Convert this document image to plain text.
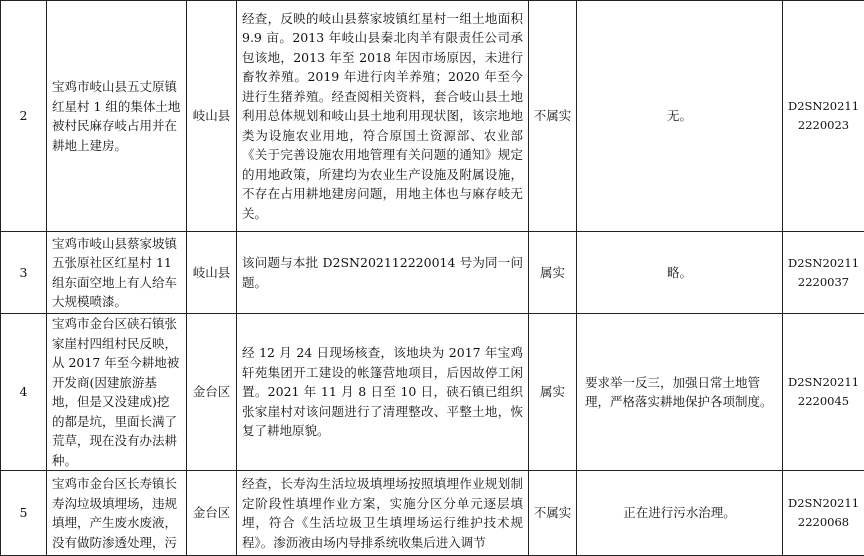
2	宝鸡市岐山县五丈原镇红星村 1 组的集体土地被村民麻存岐占用并在耕地上建房。	岐山县	经查，反映的岐山县蔡家坡镇红星村一组土地面积 9.9 亩。2013 年岐山县秦北肉羊有限责任公司承包该地，2013 年至 2018 年因市场原因，未进行畜牧养殖。2019 年进行肉羊养殖；2020 年至今进行生猪养殖。经查阅相关资料，套合岐山县土地利用总体规划和岐山县土地利用现状图，该宗地地类为设施农业用地，符合原国土资源部、农业部《关于完善设施农用地管理有关问题的通知》规定的用地政策，所建均为农业生产设施及附属设施，不存在占用耕地建房问题，用地主体也与麻存岐无关。	不属实	无。	D2SN202112220023
3	宝鸡市岐山县蔡家坡镇五张原社区红星村 11 组东面空地上有人给车大规模喷漆。	岐山县	该问题与本批 D2SN202112220014 号为同一问题。	属实	略。	D2SN202112220037
4	宝鸡市金台区硖石镇张家崖村四组村民反映，从 2017 年至今耕地被开发商(因建旅游基地，但是又没建成)挖的都是坑，里面长满了荒草，现在没有办法耕种。	金台区	经 12 月 24 日现场核查，该地块为 2017 年宝鸡轩苑集团开工建设的帐篷营地项目，后因故停工闲置。2021 年 11 月 8 日至 10 日，硖石镇已组织张家崖村对该问题进行了清理整改、平整土地，恢复了耕地原貌。	属实	要求举一反三，加强日常土地管理，严格落实耕地保护各项制度。	D2SN202112220045
5	宝鸡市金台区长寿镇长寿沟垃圾填埋场，违规填埋，产生废水废液，没有做防渗透处理，污	金台区	经查，长寿沟生活垃圾填埋场按照填埋作业规划制定阶段性填埋作业方案，实施分区分单元逐层填埋，符合《生活垃圾卫生填埋场运行维护技术规程》。渗沥液由场内导排系统收集后进入调节	不属实	正在进行污水治理。	D2SN202112220068
